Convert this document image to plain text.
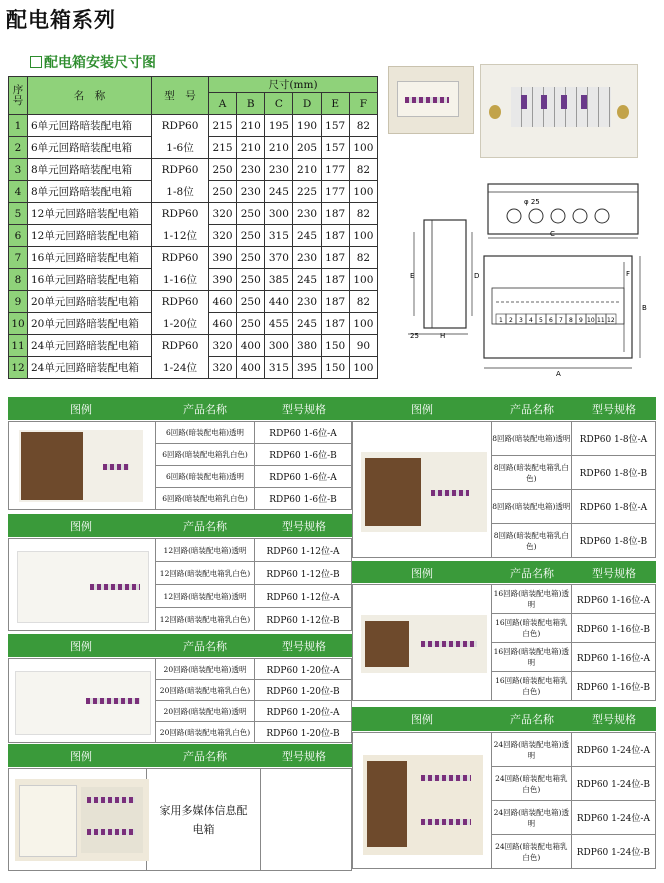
配电箱系列
配电箱安装尺寸图
序号	名　称	型　号	尺寸(mm)					
			A	B	C	D	E	F
1	6单元回路暗装配电箱	RDP60	215	210	195	190	157	82
2	6单元回路暗装配电箱	1-6位	215	210	210	205	157	100
3	8单元回路暗装配电箱	RDP60	250	230	230	210	177	82
4	8单元回路暗装配电箱	1-8位	250	230	245	225	177	100
5	12单元回路暗装配电箱	RDP60	320	250	300	230	187	82
6	12单元回路暗装配电箱	1-12位	320	250	315	245	187	100
7	16单元回路暗装配电箱	RDP60	390	250	370	230	187	82
8	16单元回路暗装配电箱	1-16位	390	250	385	245	187	100
9	20单元回路暗装配电箱	RDP60	460	250	440	230	187	82
10	20单元回路暗装配电箱	1-20位	460	250	455	245	187	100
11	24单元回路暗装配电箱	RDP60	320	400	300	380	150	90
12	24单元回路暗装配电箱	1-24位	320	400	315	395	150	100
φ 25
C
E	D
25	H
1 2 3 4 5 6 7 8 9 10 11 12
A
B
F
图例	产品名称	型号规格
	6回路(暗装配电箱)透明	RDP60 1-6位-A
	6回路(暗装配电箱乳白色)	RDP60 1-6位-B
	6回路(暗装配电箱)透明	RDP60 1-6位-A
	6回路(暗装配电箱乳白色)	RDP60 1-6位-B
图例	产品名称	型号规格
	12回路(暗装配电箱)透明	RDP60 1-12位-A
	12回路(暗装配电箱乳白色)	RDP60 1-12位-B
	12回路(暗装配电箱)透明	RDP60 1-12位-A
	12回路(暗装配电箱乳白色)	RDP60 1-12位-B
图例	产品名称	型号规格
	20回路(暗装配电箱)透明	RDP60 1-20位-A
	20回路(暗装配电箱乳白色)	RDP60 1-20位-B
	20回路(暗装配电箱)透明	RDP60 1-20位-A
	20回路(暗装配电箱乳白色)	RDP60 1-20位-B
图例	产品名称	型号规格
	家用多媒体信息配电箱	
图例	产品名称	型号规格
	8回路(暗装配电箱)透明	RDP60 1-8位-A
	8回路(暗装配电箱乳白色)	RDP60 1-8位-B
	8回路(暗装配电箱)透明	RDP60 1-8位-A
	8回路(暗装配电箱乳白色)	RDP60 1-8位-B
图例	产品名称	型号规格
	16回路(暗装配电箱)透明	RDP60 1-16位-A
	16回路(暗装配电箱乳白色)	RDP60 1-16位-B
	16回路(暗装配电箱)透明	RDP60 1-16位-A
	16回路(暗装配电箱乳白色)	RDP60 1-16位-B
图例	产品名称	型号规格
	24回路(暗装配电箱)透明	RDP60 1-24位-A
	24回路(暗装配电箱乳白色)	RDP60 1-24位-B
	24回路(暗装配电箱)透明	RDP60 1-24位-A
	24回路(暗装配电箱乳白色)	RDP60 1-24位-B
